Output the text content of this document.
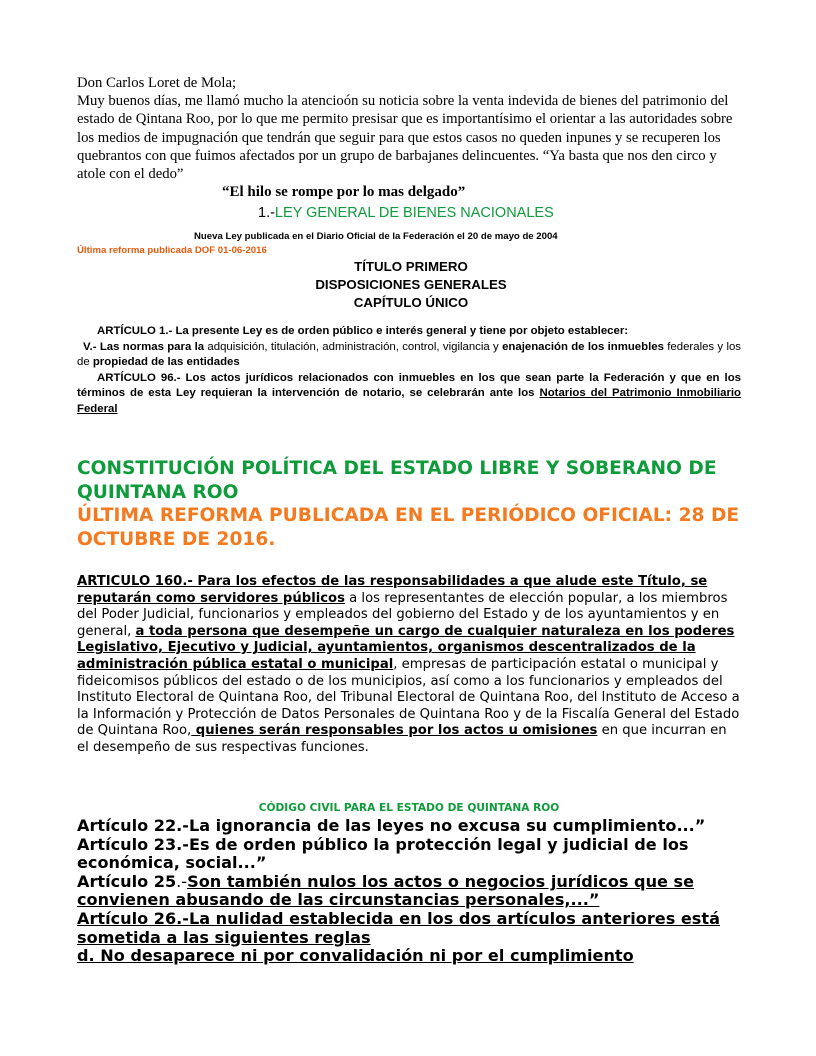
Don Carlos Loret de Mola;

Muy buenos días, me llamó mucho la atencioón su noticia sobre la venta indevida de bienes del patrimonio del estado de Qintana Roo, por lo que me permito presisar que es importantísimo el orientar a las autoridades sobre los medios de impugnación que tendrán que seguir para que estos casos no queden inpunes y se recuperen los quebrantos con que fuimos afectados por un grupo de barbajanes delincuentes. “Ya basta que nos den circo y atole con el dedo”

“El hilo se rompe por lo mas delgado”
1.-LEY GENERAL DE BIENES NACIONALES
Nueva Ley publicada en el Diario Oficial de la Federación el 20 de mayo de 2004
Última reforma publicada DOF 01-06-2016
TÍTULO PRIMERO
DISPOSICIONES GENERALES
CAPÍTULO ÚNICO

ARTÍCULO 1.- La presente Ley es de orden público e interés general y tiene por objeto establecer:

V.- Las normas para la adquisición, titulación, administración, control, vigilancia y enajenación de los inmuebles federales y los de propiedad de las entidades

ARTÍCULO 96.- Los actos jurídicos relacionados con inmuebles en los que sean parte la Federación y que en los términos de esta Ley requieran la intervención de notario, se celebrarán ante los Notarios del Patrimonio Inmobiliario Federal

CONSTITUCIÓN POLÍTICA DEL ESTADO LIBRE Y SOBERANO DE QUINTANA ROO
ÚLTIMA REFORMA PUBLICADA EN EL PERIÓDICO OFICIAL: 28 DE OCTUBRE DE 2016.

ARTICULO 160.- Para los efectos de las responsabilidades a que alude este Título, se reputarán como servidores públicos a los representantes de elección popular, a los miembros del Poder Judicial, funcionarios y empleados del gobierno del Estado y de los ayuntamientos y en general, a toda persona que desempeñe un cargo de cualquier naturaleza en los poderes Legislativo, Ejecutivo y Judicial, ayuntamientos, organismos descentralizados de la administración pública estatal o municipal, empresas de participación estatal o municipal y fideicomisos públicos del estado o de los municipios, así como a los funcionarios y empleados del Instituto Electoral de Quintana Roo, del Tribunal Electoral de Quintana Roo, del Instituto de Acceso a la Información y Protección de Datos Personales de Quintana Roo y de la Fiscalía General del Estado de Quintana Roo, quienes serán responsables por los actos u omisiones en que incurran en el desempeño de sus respectivas funciones.

CÓDIGO CIVIL PARA EL ESTADO DE QUINTANA ROO

Artículo 22.-La ignorancia de las leyes no excusa su cumplimiento...”

Artículo 23.-Es de orden público la protección legal y judicial de los económica, social...”

Artículo 25.-Son también nulos los actos o negocios jurídicos que se convienen abusando de las circunstancias personales,...”

Artículo 26.-La nulidad establecida en los dos artículos anteriores está sometida a las siguientes reglas

d. No desaparece ni por convalidación ni por el cumplimiento
